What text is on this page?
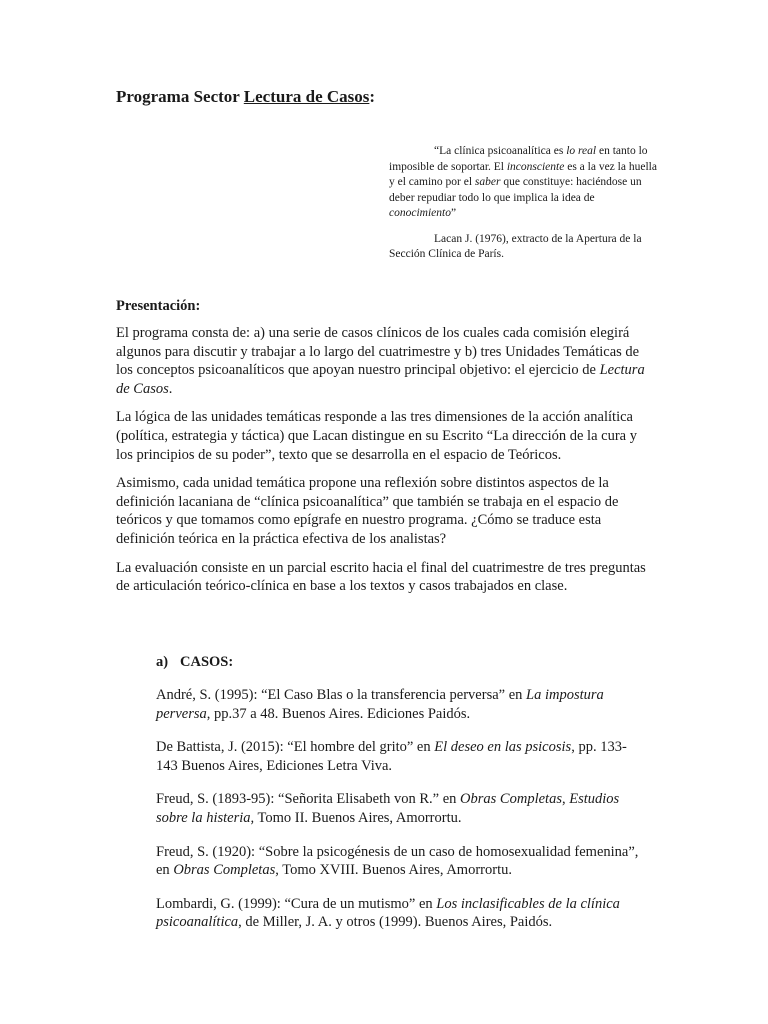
Programa Sector Lectura de Casos:

“La clínica psicoanalítica es lo real en tanto lo imposible de soportar. El inconsciente es a la vez la huella y el camino por el saber que constituye: haciéndose un deber repudiar todo lo que implica la idea de conocimiento”

Lacan J. (1976), extracto de la Apertura de la Sección Clínica de París.

Presentación:

El programa consta de: a) una serie de casos clínicos de los cuales cada comisión elegirá algunos para discutir y trabajar a lo largo del cuatrimestre y b) tres Unidades Temáticas de los conceptos psicoanalíticos que apoyan nuestro principal objetivo: el ejercicio de Lectura de Casos.

La lógica de las unidades temáticas responde a las tres dimensiones de la acción analítica (política, estrategia y táctica) que Lacan distingue en su Escrito “La dirección de la cura y los principios de su poder”, texto que se desarrolla en el espacio de Teóricos.

Asimismo, cada unidad temática propone una reflexión sobre distintos aspectos de la definición lacaniana de “clínica psicoanalítica” que también se trabaja en el espacio de teóricos y que tomamos como epígrafe en nuestro programa. ¿Cómo se traduce esta definición teórica en la práctica efectiva de los analistas?

La evaluación consiste en un parcial escrito hacia el final del cuatrimestre de tres preguntas de articulación teórico-clínica en base a los textos y casos trabajados en clase.

a) CASOS:

André, S. (1995): “El Caso Blas o la transferencia perversa” en La impostura perversa, pp.37 a 48. Buenos Aires. Ediciones Paidós.

De Battista, J. (2015): “El hombre del grito” en El deseo en las psicosis, pp. 133-143 Buenos Aires, Ediciones Letra Viva.

Freud, S. (1893-95): “Señorita Elisabeth von R.” en Obras Completas, Estudios sobre la histeria, Tomo II. Buenos Aires, Amorrortu.

Freud, S. (1920): “Sobre la psicogénesis de un caso de homosexualidad femenina”, en Obras Completas, Tomo XVIII. Buenos Aires, Amorrortu.

Lombardi, G. (1999): “Cura de un mutismo” en Los inclasificables de la clínica psicoanalítica, de Miller, J. A. y otros (1999). Buenos Aires, Paidós.
